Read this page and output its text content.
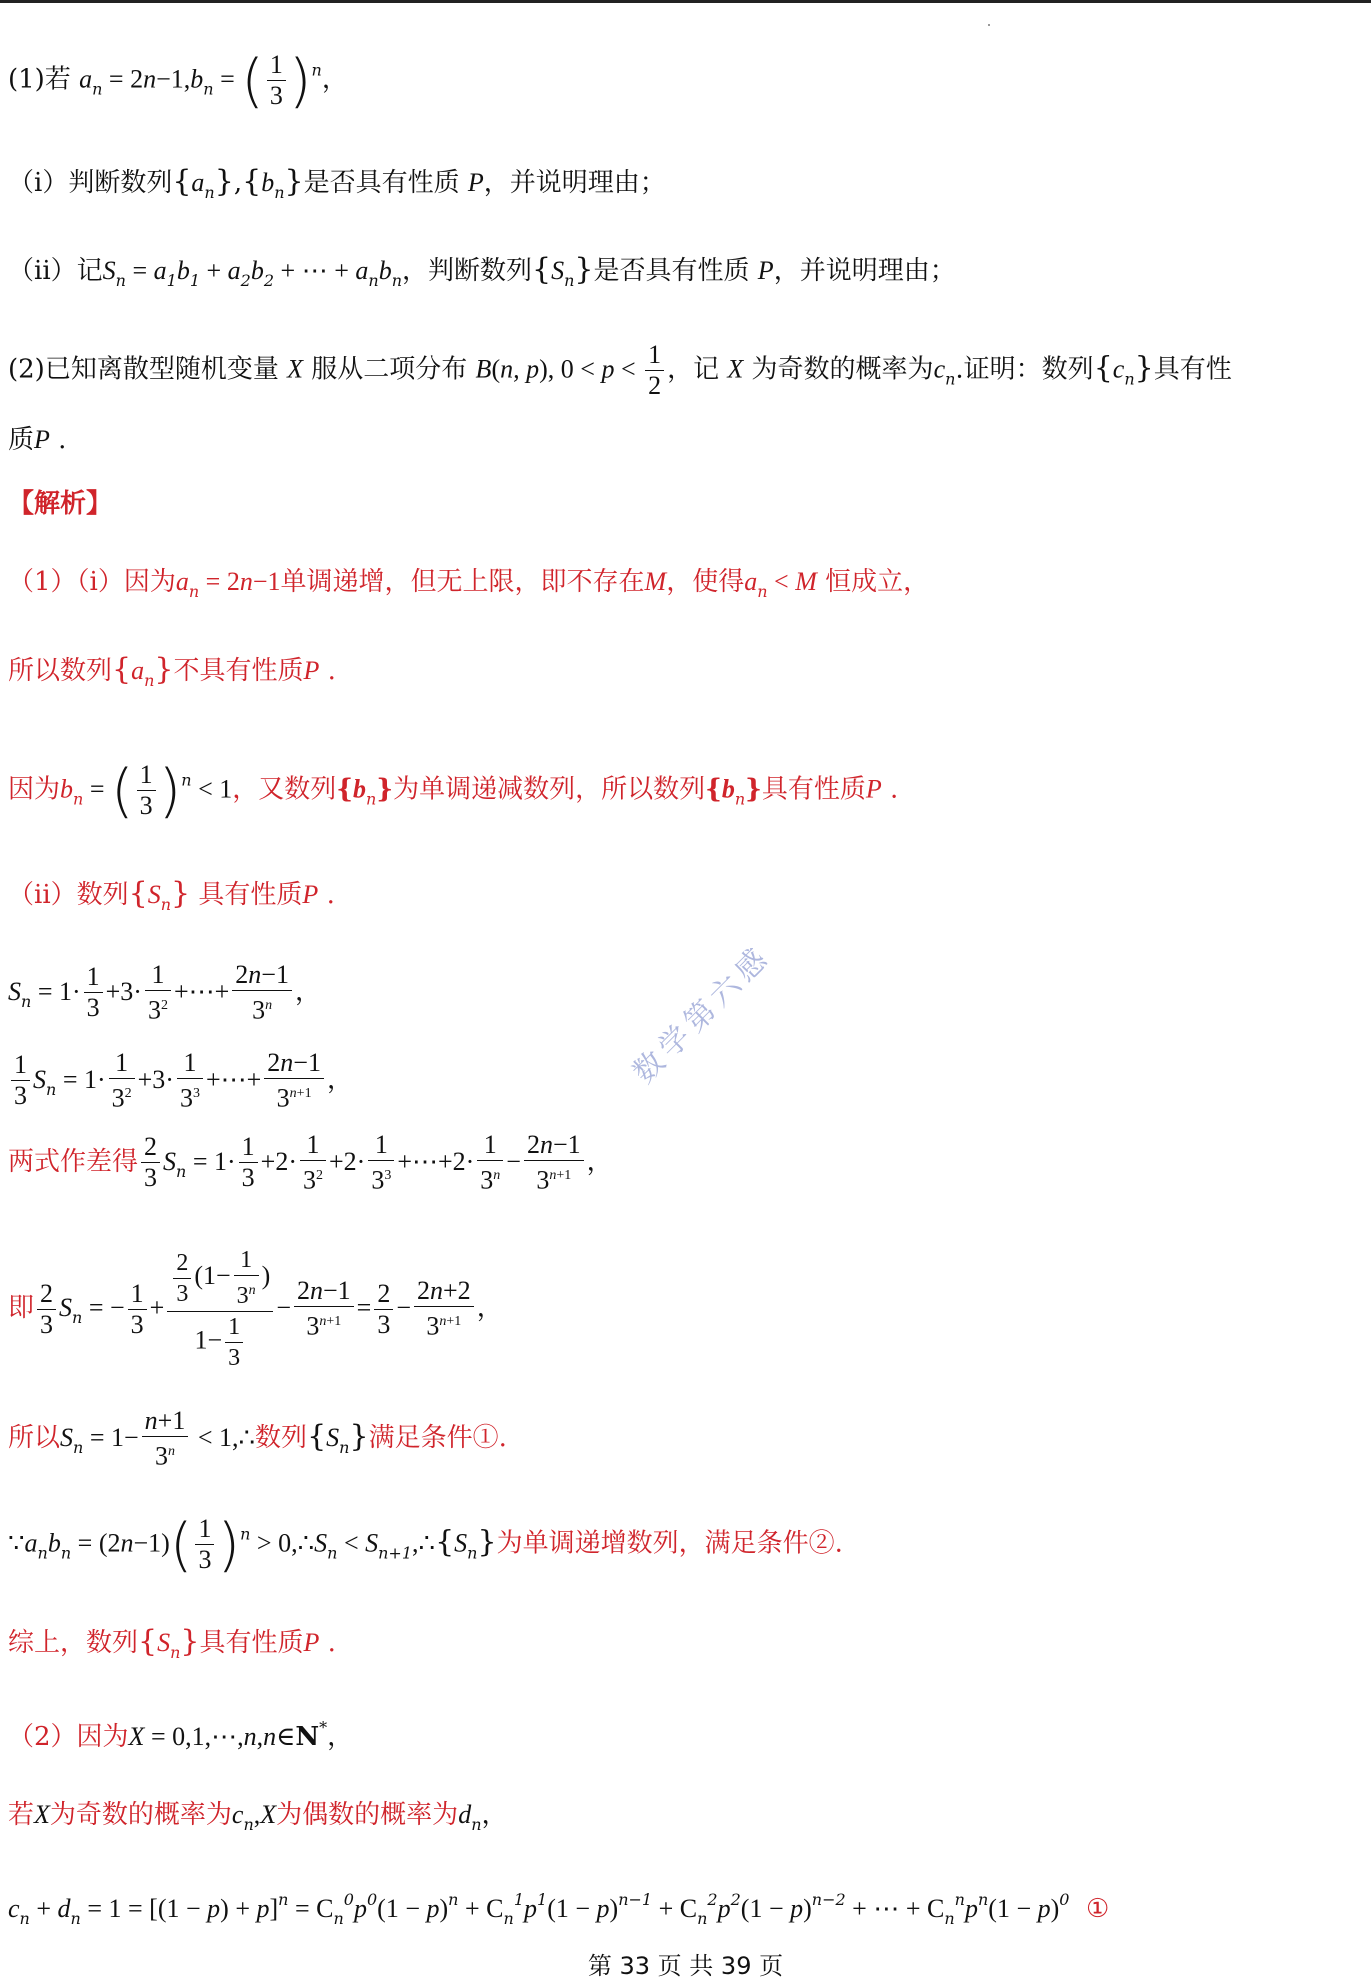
(1)若 $a_n = 2n-1,b_n$ = ( $\frac{1}{3} )^n$，
（i）判断数列$\{a_n\},\{b_n\}$是否具有性质 P，并说明理由；
（ii）记$S_n = a_1b_1 + a_2b_2$ + ⋯ + $a_nb_n$，判断数列$\{S_n\}$是否具有性质 P，并说明理由；
(2)已知离散型随机变量 X 服从二项分布 B(n, p), $0 < p < \frac{1}{2}$ ，记 X 为奇数的概率为$c_n$.证明：数列$\{c_n\}$具有性
质P .
【解析】
（1）（i）因为$a_n = 2n-1$单调递增，但无上限，即不存在M，使得$a_n < M$ 恒成立，
所以数列$\{a_n\}$不具有性质P .
因为$b_n$ = ( $\frac{1}{3} )^n < 1$，又数列$\{b_n\}$为单调递减数列，所以数列$\{b_n\}$具有性质P .
（ii）数列$\{S_n\}$ 具有性质P .
$S_n = 1\cdot \frac{1}{3} +3\cdot \frac{1}{3^2}$ +⋯+ $\frac{2n-1}{3^n}$ ，
$\frac{1}{3} S_n = 1\cdot \frac{1}{3^2} +3\cdot \frac{1}{3^3}$ +⋯+ $\frac{2n-1}{3^{n+1}}$ ，
两式作差得 $\frac{2}{3} S_n = 1\cdot \frac{1}{3} +2\cdot \frac{1}{3^2} +2\cdot \frac{1}{3^3}$ +⋯+2· $\frac{1}{3^n} - \frac{2n-1}{3^{n+1}}$ ，
即 $\frac{2}{3} S_n$ = − $\frac{1}{3} + \frac{\frac{2}{3} (1- \frac{1}{3^n} )}{1- \frac{1}{3}} - \frac{2n-1}{3^{n+1}} = \frac{2}{3} - \frac{2n+2}{3^{n+1}}$ ，
所以$S_n = 1- \frac{n+1}{3^n}$ < 1,∴数列$\{S_n\}$满足条件①.
$\because a_nb_n = (2n-1)( \frac{1}{3} )^n$ > $0,\therefore S_n$ < $S_{n+1},\therefore\{S_n\}$为单调递增数列，满足条件②.
综上，数列$\{S_n\}$具有性质P .
（2）因为X = 0,1,⋯,n,n∈N*，
若X为奇数的概率为$c_n,X$为偶数的概率为$d_n$，
$c_n + d_n = 1 = [(1 - p) + p]^n = C_n^0p^0(1 - p)^n + C_n^1p^1(1 - p)^{n-1} + C_n^2p^2(1 - p)^{n-2}$ + ⋯ + $C_n^np^n(1 - p)^0$ ①
数学第六感
第 33 页 共 39 页
